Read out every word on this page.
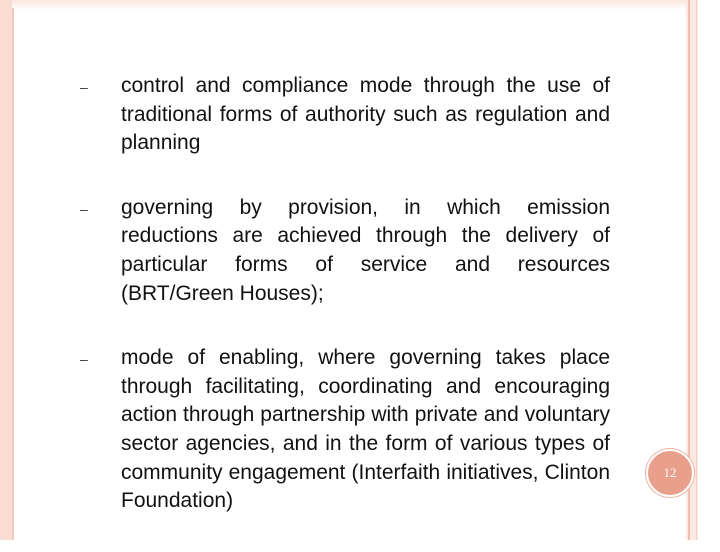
– control and compliance mode through the use of traditional forms of authority such as regulation and planning

– governing by provision, in which emission reductions are achieved through the delivery of particular forms of service and resources (BRT/Green Houses);

– mode of enabling, where governing takes place through facilitating, coordinating and encouraging action through partnership with private and voluntary sector agencies, and in the form of various types of community engagement (Interfaith initiatives, Clinton Foundation)

12
